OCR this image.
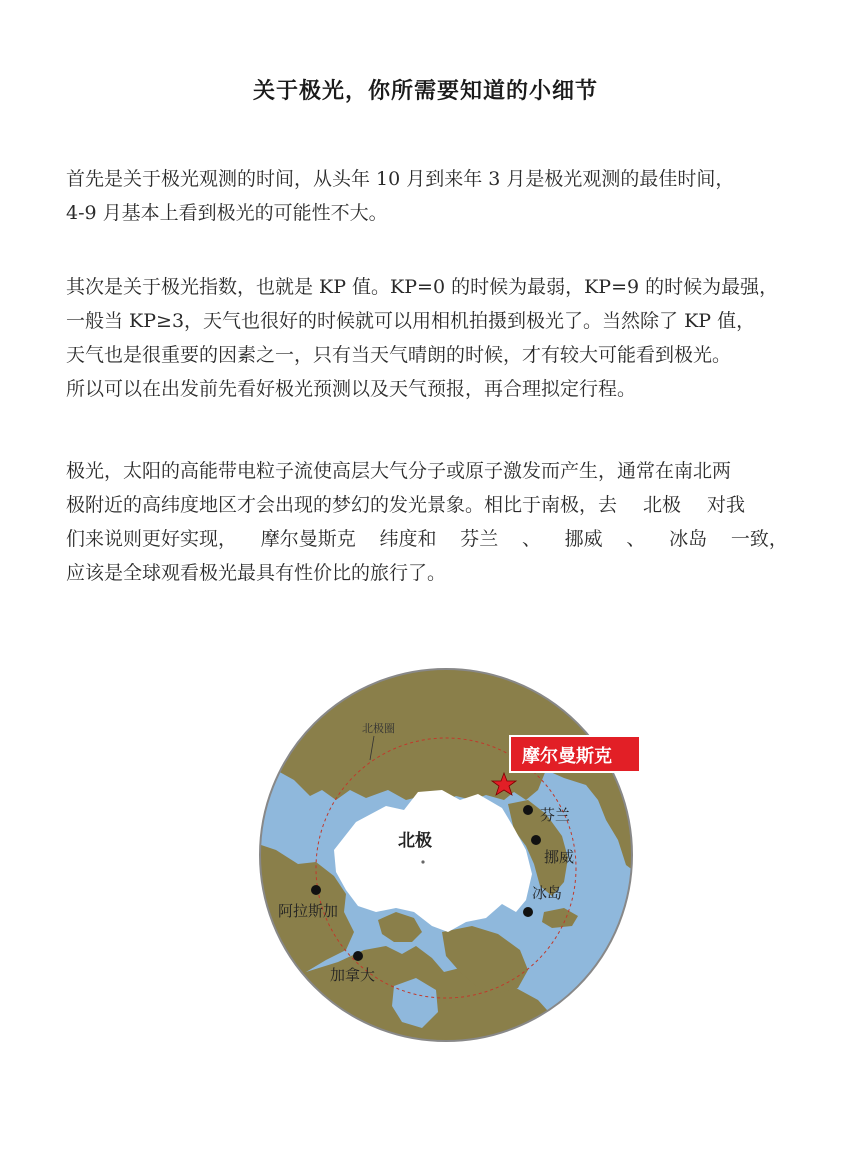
关于极光，你所需要知道的小细节
首先是关于极光观测的时间，从头年 10 月到来年 3 月是极光观测的最佳时间，
4-9 月基本上看到极光的可能性不大。
其次是关于极光指数，也就是 KP 值。KP=0 的时候为最弱，KP=9 的时候为最强，
一般当 KP≥3，天气也很好的时候就可以用相机拍摄到极光了。当然除了 KP 值，
天气也是很重要的因素之一，只有当天气晴朗的时候，才有较大可能看到极光。
所以可以在出发前先看好极光预测以及天气预报，再合理拟定行程。
极光，太阳的高能带电粒子流使高层大气分子或原子激发而产生，通常在南北两
极附近的高纬度地区才会出现的梦幻的发光景象。相比于南极，去 北极 对我
们来说则更好实现， 摩尔曼斯克 纬度和 芬兰 、 挪威 、 冰岛 一致，
应该是全球观看极光最具有性价比的旅行了。
北极圈
北极
摩尔曼斯克
芬兰
挪威
冰岛
阿拉斯加
加拿大
